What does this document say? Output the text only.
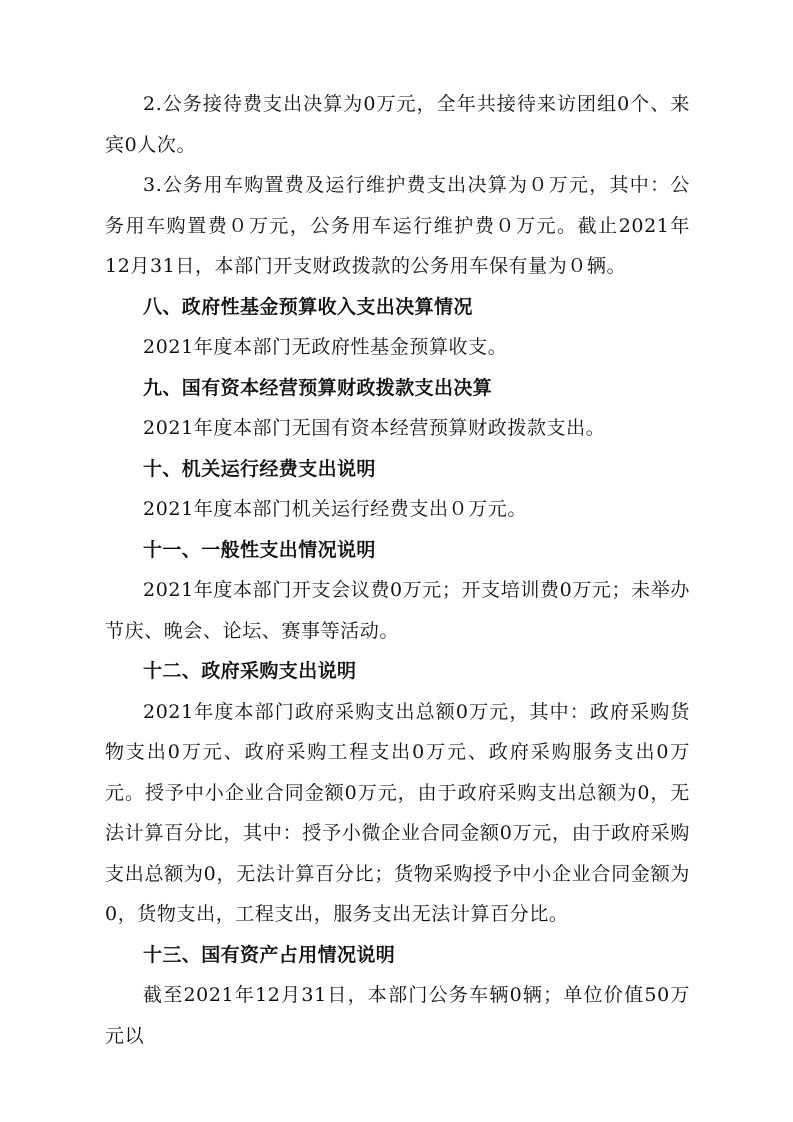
2.公务接待费支出决算为0万元，全年共接待来访团组0个、来宾0人次。

3.公务用车购置费及运行维护费支出决算为０万元，其中：公务用车购置费０万元，公务用车运行维护费０万元。截止2021年12月31日，本部门开支财政拨款的公务用车保有量为０辆。

八、政府性基金预算收入支出决算情况

2021年度本部门无政府性基金预算收支。

九、国有资本经营预算财政拨款支出决算

2021年度本部门无国有资本经营预算财政拨款支出。

十、机关运行经费支出说明

2021年度本部门机关运行经费支出０万元。

十一、一般性支出情况说明

2021年度本部门开支会议费0万元；开支培训费0万元；未举办节庆、晚会、论坛、赛事等活动。

十二、政府采购支出说明

2021年度本部门政府采购支出总额0万元，其中：政府采购货物支出0万元、政府采购工程支出0万元、政府采购服务支出0万元。授予中小企业合同金额0万元，由于政府采购支出总额为0，无法计算百分比，其中：授予小微企业合同金额0万元，由于政府采购支出总额为0，无法计算百分比；货物采购授予中小企业合同金额为0，货物支出，工程支出，服务支出无法计算百分比。

十三、国有资产占用情况说明

截至2021年12月31日，本部门公务车辆0辆；单位价值50万元以
